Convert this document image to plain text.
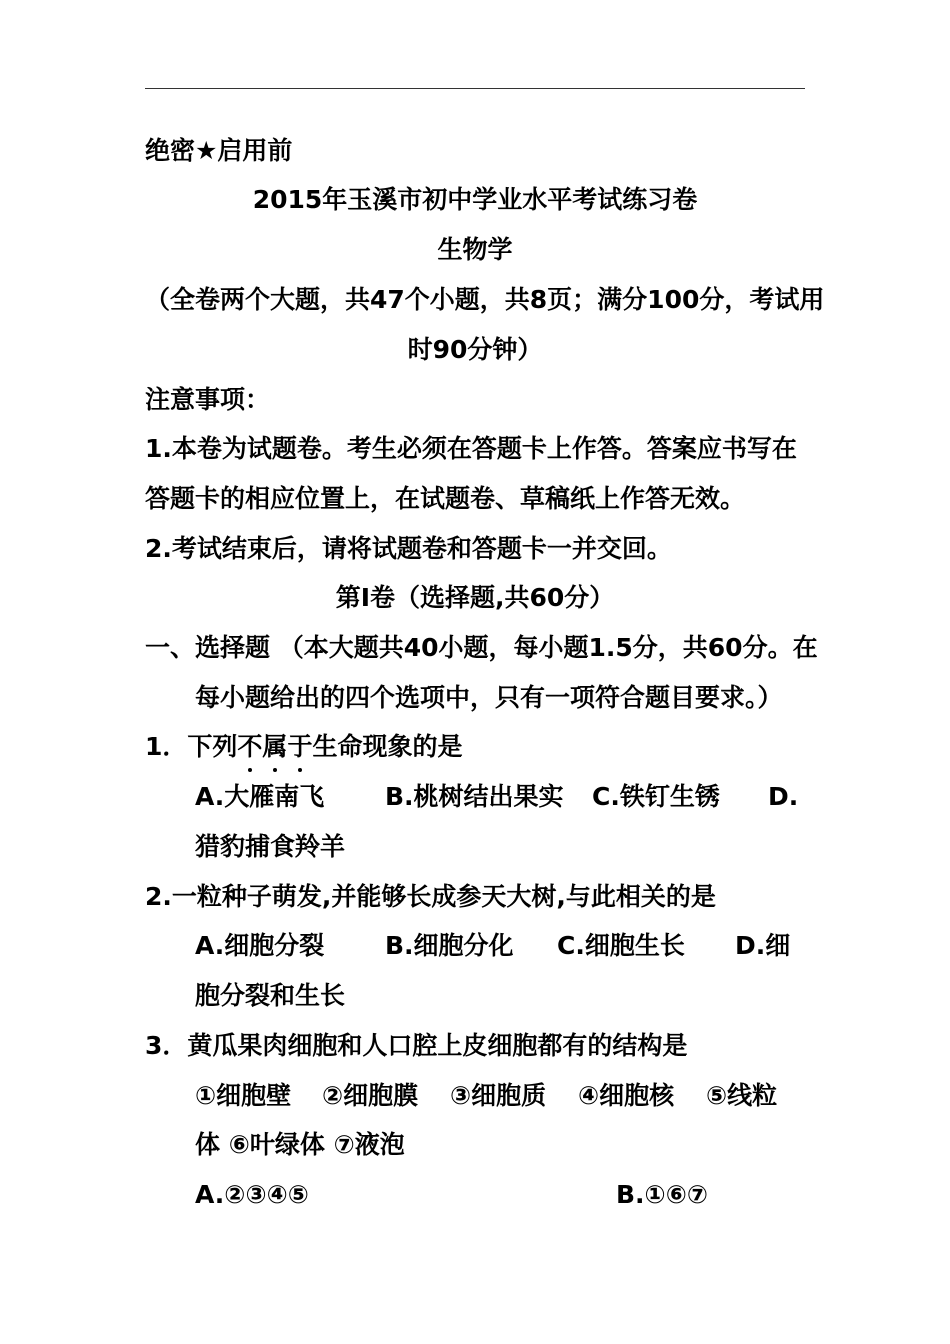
绝密★启用前
2015年玉溪市初中学业水平考试练习卷
生物学
（全卷两个大题，共47个小题，共8页；满分100分，考试用
时90分钟）
注意事项：
1.本卷为试题卷。考生必须在答题卡上作答。答案应书写在
答题卡的相应位置上，在试题卷、草稿纸上作答无效。
2.考试结束后，请将试题卷和答题卡一并交回。
第Ⅰ卷（选择题,共60分）
一、选择题 （本大题共40小题，每小题1.5分，共60分。在
每小题给出的四个选项中，只有一项符合题目要求。）
1．下列不属于生命现象的是
A.大雁南飞 B.桃树结出果实 C.铁钉生锈 D.
猎豹捕食羚羊
2.一粒种子萌发,并能够长成参天大树,与此相关的是
A.细胞分裂 B.细胞分化 C.细胞生长 D.细
胞分裂和生长
3．黄瓜果肉细胞和人口腔上皮细胞都有的结构是
①细胞壁 ②细胞膜 ③细胞质 ④细胞核 ⑤线粒
体 ⑥叶绿体 ⑦液泡
A.②③④⑤	B.①⑥⑦
